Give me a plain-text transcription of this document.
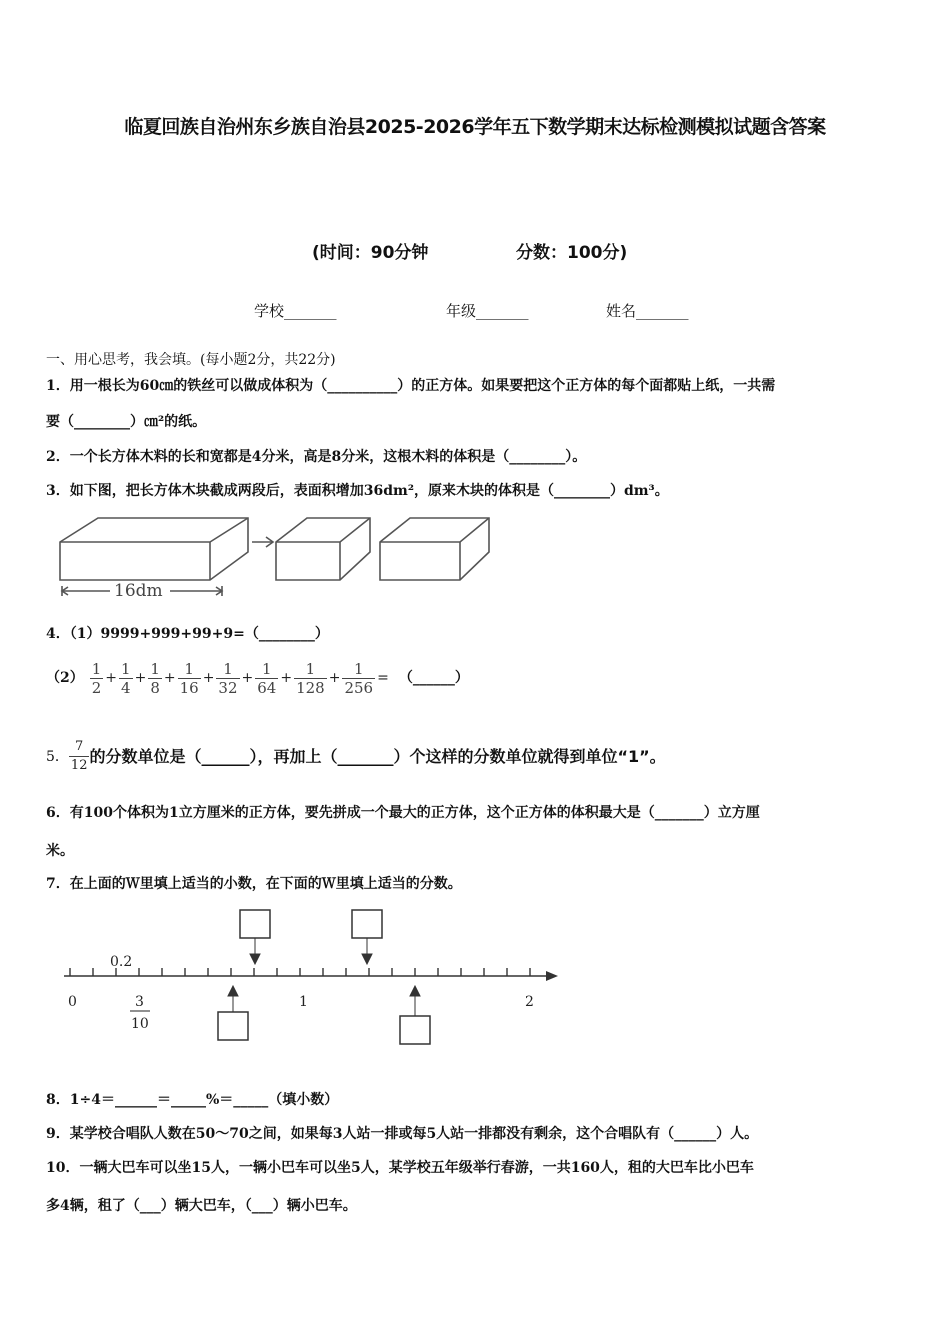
临夏回族自治州东乡族自治县2025-2026学年五下数学期末达标检测模拟试题含答案
(时间：90分钟	分数：100分)
学校_______	年级_______	姓名_______
一、用心思考，我会填。(每小题2分，共22分)
1．用一根长为60㎝的铁丝可以做成体积为（__________）的正方体。如果要把这个正方体的每个面都贴上纸，一共需
要（________）㎝²的纸。
2．一个长方体木料的长和宽都是4分米，高是8分米，这根木料的体积是（________）。
3．如下图，把长方体木块截成两段后，表面积增加36dm²，原来木块的体积是（________）dm³。
16dm
4．（1）9999+999+99+9=（________）
$(2) \frac{1}{2} + \frac{1}{4} + \frac{1}{8} + \frac{1}{16} + \frac{1}{32} + \frac{1}{64} + \frac{1}{128} + \frac{1}{256}$ = （______）
5． $\frac{7}{12}$ 的分数单位是（______），再加上（_______）个这样的分数单位就得到单位“1”。
6．有100个体积为1立方厘米的正方体，要先拼成一个最大的正方体，这个正方体的体积最大是（_______）立方厘
米。
7．在上面的Ｗ里填上适当的小数，在下面的Ｗ里填上适当的分数。
0.2
0	1	2
3
10
8．1÷4＝______＝_____%＝_____（填小数）
9．某学校合唱队人数在50～70之间，如果每3人站一排或每5人站一排都没有剩余，这个合唱队有（______）人。
10．一辆大巴车可以坐15人，一辆小巴车可以坐5人，某学校五年级举行春游，一共160人，租的大巴车比小巴车
多4辆，租了（___）辆大巴车，（___）辆小巴车。
